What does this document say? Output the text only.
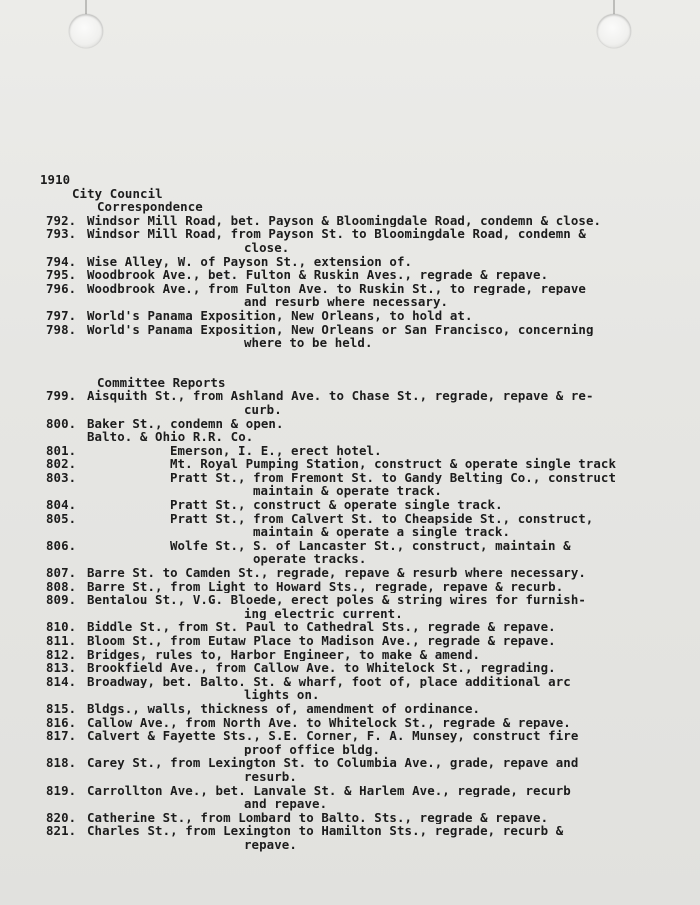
1910
City Council
Correspondence
792. Windsor Mill Road, bet. Payson & Bloomingdale Road, condemn & close.
793. Windsor Mill Road, from Payson St. to Bloomingdale Road, condemn &
close.
794. Wise Alley, W. of Payson St., extension of.
795. Woodbrook Ave., bet. Fulton & Ruskin Aves., regrade & repave.
796. Woodbrook Ave., from Fulton Ave. to Ruskin St., to regrade, repave
and resurb where necessary.
797. World's Panama Exposition, New Orleans, to hold at.
798. World's Panama Exposition, New Orleans or San Francisco, concerning
where to be held.
Committee Reports
799. Aisquith St., from Ashland Ave. to Chase St., regrade, repave & re-
curb.
800. Baker St., condemn & open.
Balto. & Ohio R.R. Co.
801.	Emerson, I. E., erect hotel.
802.	Mt. Royal Pumping Station, construct & operate single track
803.	Pratt St., from Fremont St. to Gandy Belting Co., construct
maintain & operate track.
804.	Pratt St., construct & operate single track.
805.	Pratt St., from Calvert St. to Cheapside St., construct,
maintain & operate a single track.
806.	Wolfe St., S. of Lancaster St., construct, maintain &
operate tracks.
807. Barre St. to Camden St., regrade, repave & resurb where necessary.
808. Barre St., from Light to Howard Sts., regrade, repave & recurb.
809. Bentalou St., V.G. Bloede, erect poles & string wires for furnish-
ing electric current.
810. Biddle St., from St. Paul to Cathedral Sts., regrade & repave.
811. Bloom St., from Eutaw Place to Madison Ave., regrade & repave.
812. Bridges, rules to, Harbor Engineer, to make & amend.
813. Brookfield Ave., from Callow Ave. to Whitelock St., regrading.
814. Broadway, bet. Balto. St. & wharf, foot of, place additional arc
lights on.
815. Bldgs., walls, thickness of, amendment of ordinance.
816. Callow Ave., from North Ave. to Whitelock St., regrade & repave.
817. Calvert & Fayette Sts., S.E. Corner, F. A. Munsey, construct fire
proof office bldg.
818. Carey St., from Lexington St. to Columbia Ave., grade, repave and
resurb.
819. Carrollton Ave., bet. Lanvale St. & Harlem Ave., regrade, recurb
and repave.
820. Catherine St., from Lombard to Balto. Sts., regrade & repave.
821. Charles St., from Lexington to Hamilton Sts., regrade, recurb &
repave.
